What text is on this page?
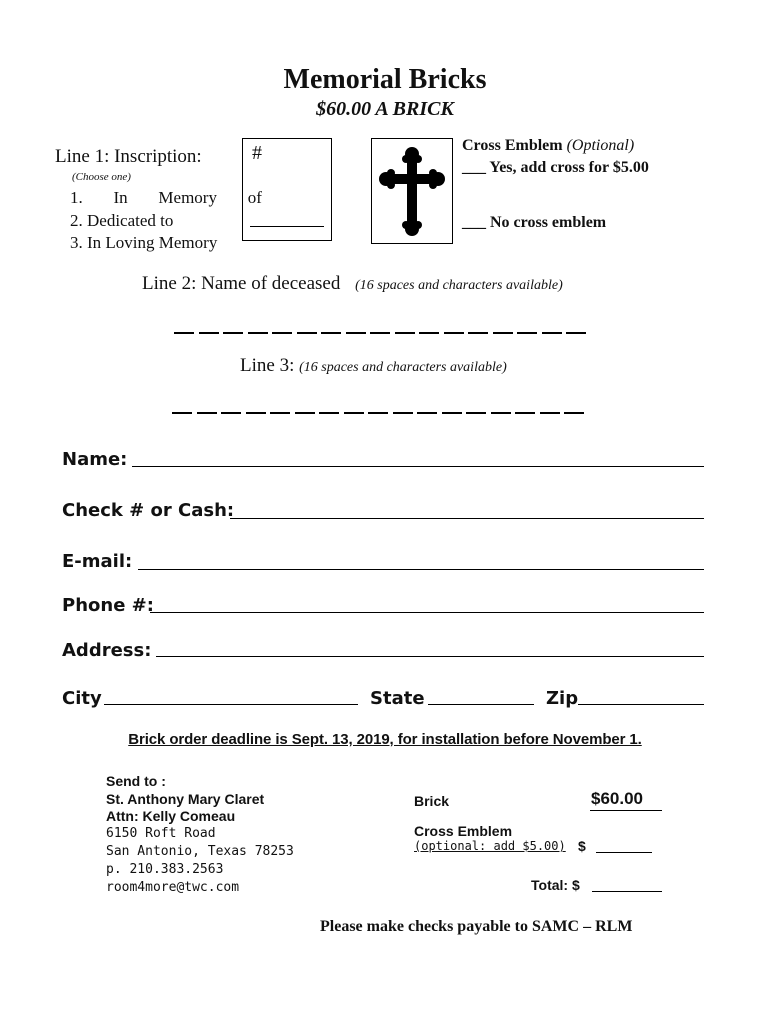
Memorial Bricks
$60.00 A BRICK
Line 1: Inscription:
(Choose one)
1.   In   Memory   of
2. Dedicated to
3. In Loving Memory
#	Cross Emblem (Optional)
___ Yes, add cross for $5.00
___ No cross emblem
Line 2: Name of deceased (16 spaces and characters available)
Line 3: (16 spaces and characters available)
Name:
Check # or Cash:
E-mail:
Phone #:
Address:
City	State	Zip
Brick order deadline is Sept. 13, 2019, for installation before November 1.
Send to :
St. Anthony Mary Claret
Attn: Kelly Comeau
6150 Roft Road
San Antonio, Texas 78253
p. 210.383.2563
room4more@twc.com
Brick	$60.00
Cross Emblem
(optional: add $5.00) $
Total: $
Please make checks payable to SAMC – RLM
